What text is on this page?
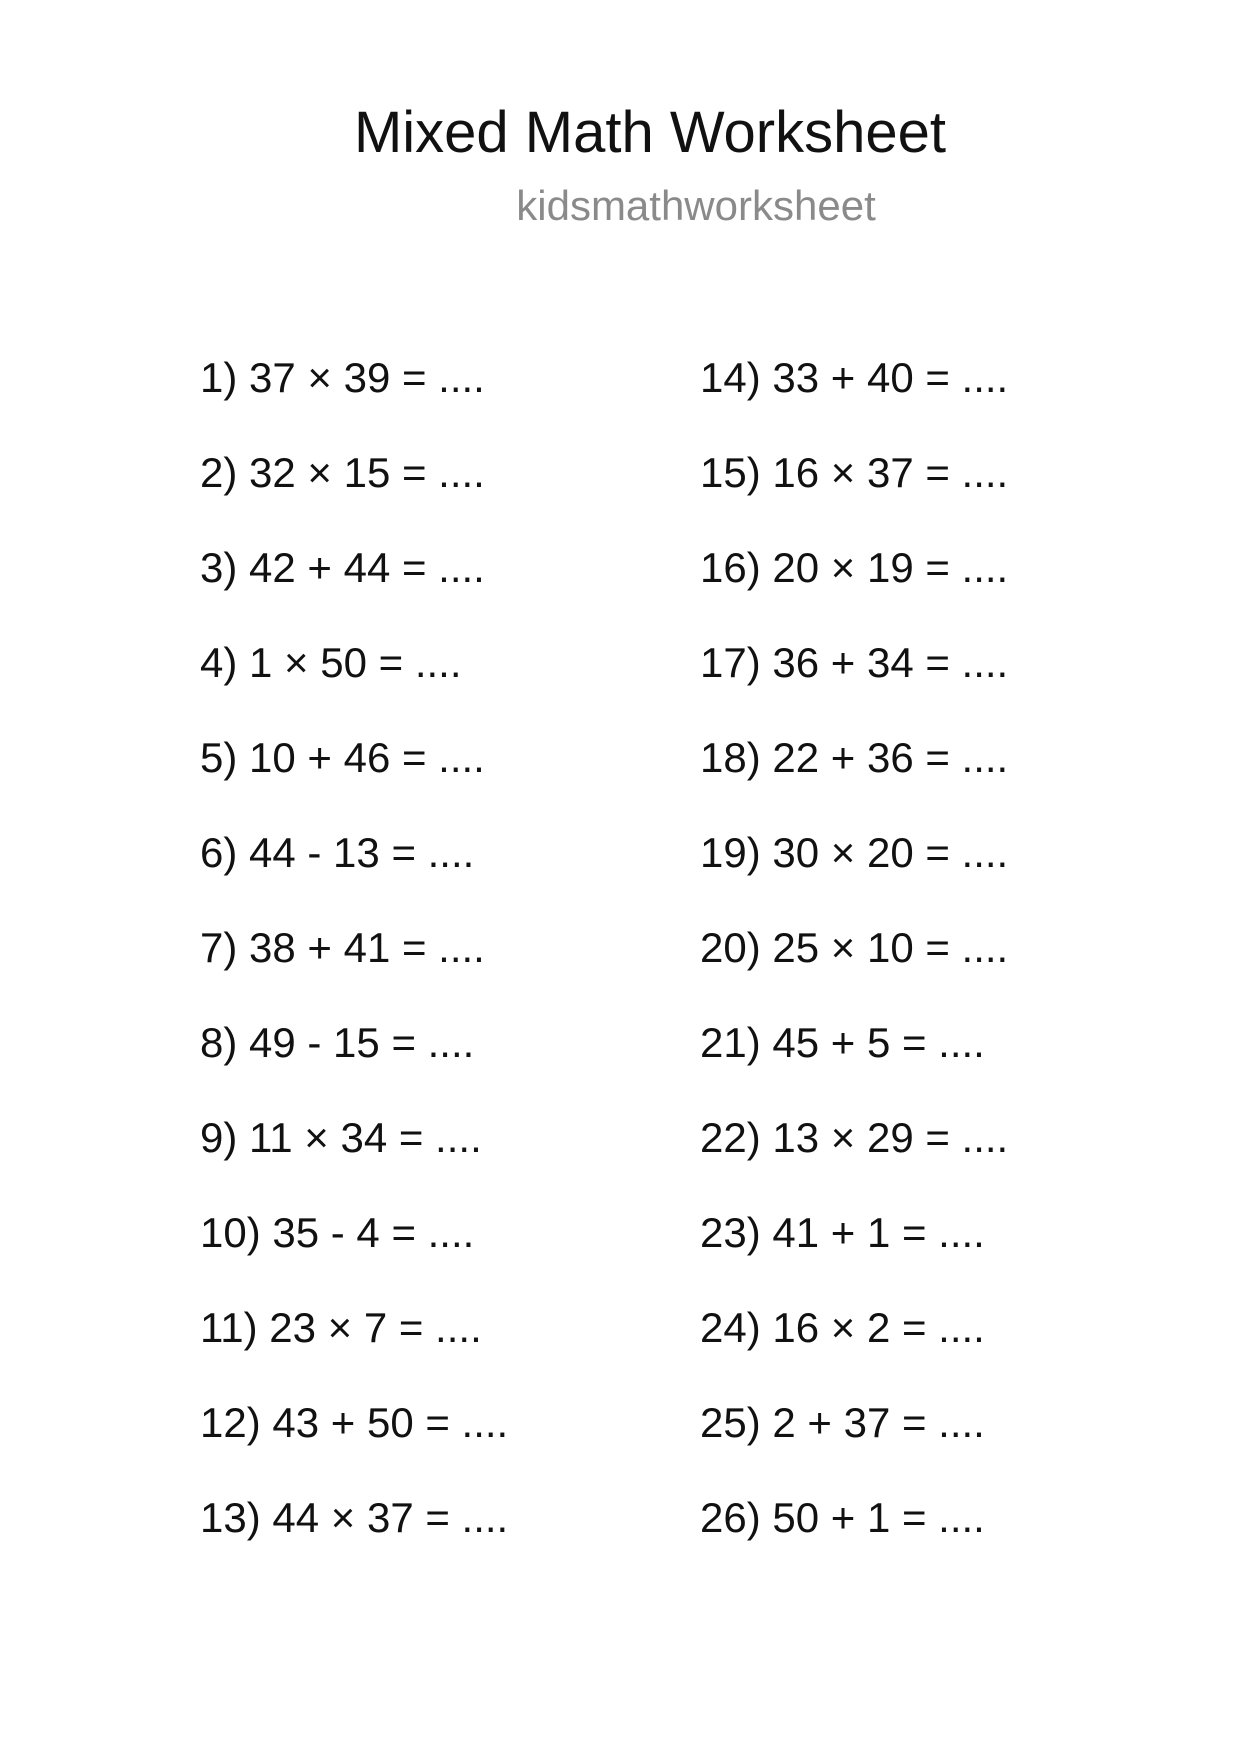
Mixed Math Worksheet
kidsmathworksheet
1) 37 × 39 = ....
2) 32 × 15 = ....
3) 42 + 44 = ....
4) 1 × 50 = ....
5) 10 + 46 = ....
6) 44 - 13 = ....
7) 38 + 41 = ....
8) 49 - 15 = ....
9) 11 × 34 = ....
10) 35 - 4 = ....
11) 23 × 7 = ....
12) 43 + 50 = ....
13) 44 × 37 = ....
14) 33 + 40 = ....
15) 16 × 37 = ....
16) 20 × 19 = ....
17) 36 + 34 = ....
18) 22 + 36 = ....
19) 30 × 20 = ....
20) 25 × 10 = ....
21) 45 + 5 = ....
22) 13 × 29 = ....
23) 41 + 1 = ....
24) 16 × 2 = ....
25) 2 + 37 = ....
26) 50 + 1 = ....
